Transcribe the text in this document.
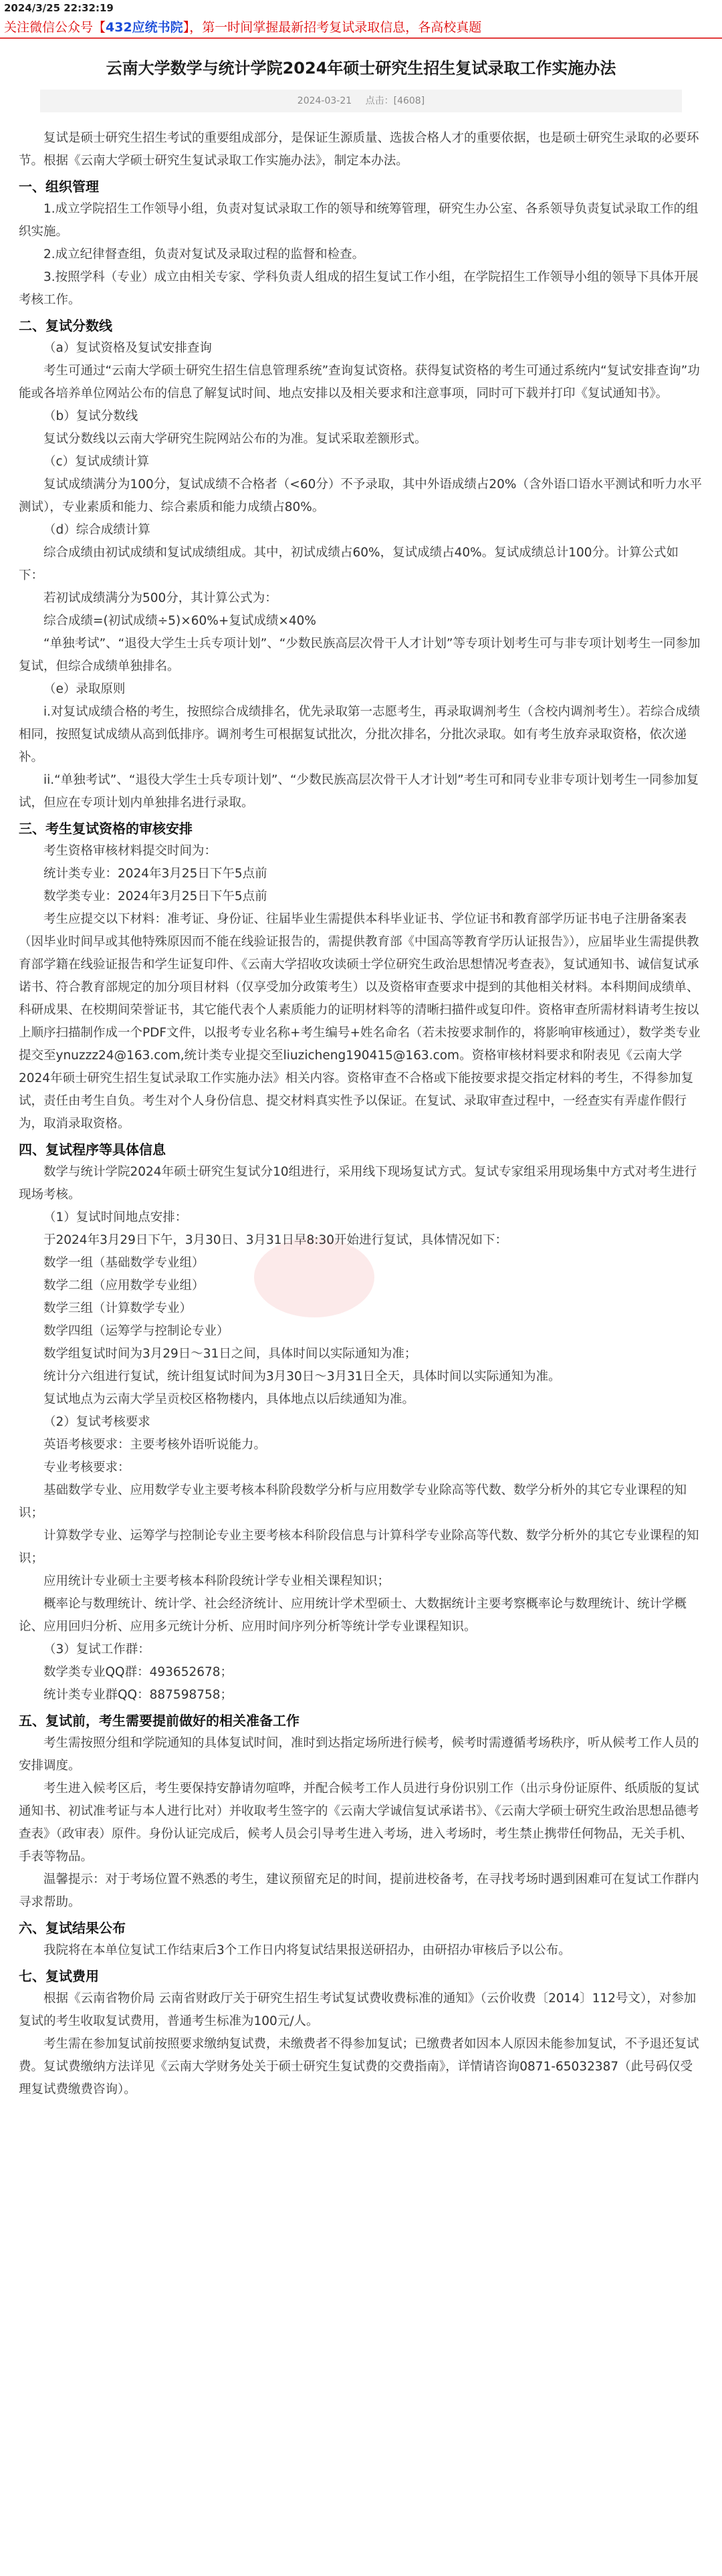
2024/3/25 22:32:19
关注微信公众号【432应统书院】，第一时间掌握最新招考复试录取信息，各高校真题
云南大学数学与统计学院2024年硕士研究生招生复试录取工作实施办法
2024-03-21 点击：[4608]

复试是硕士研究生招生考试的重要组成部分，是保证生源质量、选拔合格人才的重要依据，也是硕士研究生录取的必要环节。根据《云南大学硕士研究生复试录取工作实施办法》，制定本办法。

一、组织管理

1.成立学院招生工作领导小组，负责对复试录取工作的领导和统筹管理，研究生办公室、各系领导负责复试录取工作的组织实施。

2.成立纪律督查组，负责对复试及录取过程的监督和检查。

3.按照学科（专业）成立由相关专家、学科负责人组成的招生复试工作小组，在学院招生工作领导小组的领导下具体开展考核工作。

二、复试分数线

（a）复试资格及复试安排查询

考生可通过“云南大学硕士研究生招生信息管理系统”查询复试资格。获得复试资格的考生可通过系统内“复试安排查询”功能或各培养单位网站公布的信息了解复试时间、地点安排以及相关要求和注意事项，同时可下载并打印《复试通知书》。

（b）复试分数线

复试分数线以云南大学研究生院网站公布的为准。复试采取差额形式。

（c）复试成绩计算

复试成绩满分为100分，复试成绩不合格者（<60分）不予录取，其中外语成绩占20%（含外语口语水平测试和听力水平测试），专业素质和能力、综合素质和能力成绩占80%。

（d）综合成绩计算

综合成绩由初试成绩和复试成绩组成。其中，初试成绩占60%，复试成绩占40%。复试成绩总计100分。计算公式如下：

若初试成绩满分为500分，其计算公式为：

综合成绩=(初试成绩÷5)×60%+复试成绩×40%

“单独考试”、“退役大学生士兵专项计划”、“少数民族高层次骨干人才计划”等专项计划考生可与非专项计划考生一同参加复试，但综合成绩单独排名。

（e）录取原则

i.对复试成绩合格的考生，按照综合成绩排名，优先录取第一志愿考生，再录取调剂考生（含校内调剂考生）。若综合成绩相同，按照复试成绩从高到低排序。调剂考生可根据复试批次，分批次排名，分批次录取。如有考生放弃录取资格，依次递补。

ii.“单独考试”、“退役大学生士兵专项计划”、“少数民族高层次骨干人才计划”考生可和同专业非专项计划考生一同参加复试，但应在专项计划内单独排名进行录取。

三、考生复试资格的审核安排

考生资格审核材料提交时间为：

统计类专业：2024年3月25日下午5点前

数学类专业：2024年3月25日下午5点前

考生应提交以下材料：准考证、身份证、往届毕业生需提供本科毕业证书、学位证书和教育部学历证书电子注册备案表（因毕业时间早或其他特殊原因而不能在线验证报告的，需提供教育部《中国高等教育学历认证报告》），应届毕业生需提供教育部学籍在线验证报告和学生证复印件、《云南大学招收攻读硕士学位研究生政治思想情况考查表》，复试通知书、诚信复试承诺书、符合教育部规定的加分项目材料（仅享受加分政策考生）以及资格审查要求中提到的其他相关材料。本科期间成绩单、科研成果、在校期间荣誉证书，其它能代表个人素质能力的证明材料等的清晰扫描件或复印件。资格审查所需材料请考生按以上顺序扫描制作成一个PDF文件，以报考专业名称+考生编号+姓名命名（若未按要求制作的，将影响审核通过），数学类专业提交至ynuzzz24@163.com,统计类专业提交至liuzicheng190415@163.com。资格审核材料要求和附表见《云南大学2024年硕士研究生招生复试录取工作实施办法》相关内容。资格审查不合格或下能按要求提交指定材料的考生，不得参加复试，责任由考生自负。考生对个人身份信息、提交材料真实性予以保证。在复试、录取审查过程中，一经查实有弄虚作假行为，取消录取资格。

四、复试程序等具体信息

数学与统计学院2024年硕士研究生复试分10组进行，采用线下现场复试方式。复试专家组采用现场集中方式对考生进行现场考核。

（1）复试时间地点安排：

于2024年3月29日下午，3月30日、3月31日早8:30开始进行复试，具体情况如下：

数学一组（基础数学专业组）

数学二组（应用数学专业组）

数学三组（计算数学专业）

数学四组（运筹学与控制论专业）

数学组复试时间为3月29日～31日之间，具体时间以实际通知为准；

统计分六组进行复试，统计组复试时间为3月30日～3月31日全天，具体时间以实际通知为准。

复试地点为云南大学呈贡校区格物楼内，具体地点以后续通知为准。

（2）复试考核要求

英语考核要求：主要考核外语听说能力。

专业考核要求：

基础数学专业、应用数学专业主要考核本科阶段数学分析与应用数学专业除高等代数、数学分析外的其它专业课程的知识；

计算数学专业、运筹学与控制论专业主要考核本科阶段信息与计算科学专业除高等代数、数学分析外的其它专业课程的知识；

应用统计专业硕士主要考核本科阶段统计学专业相关课程知识；

概率论与数理统计、统计学、社会经济统计、应用统计学术型硕士、大数据统计主要考察概率论与数理统计、统计学概论、应用回归分析、应用多元统计分析、应用时间序列分析等统计学专业课程知识。

（3）复试工作群：

数学类专业QQ群：493652678；

统计类专业群QQ：887598758；

五、复试前，考生需要提前做好的相关准备工作

考生需按照分组和学院通知的具体复试时间，准时到达指定场所进行候考，候考时需遵循考场秩序，听从候考工作人员的安排调度。

考生进入候考区后，考生要保持安静请勿喧哗，并配合候考工作人员进行身份识别工作（出示身份证原件、纸质版的复试通知书、初试准考证与本人进行比对）并收取考生签字的《云南大学诚信复试承诺书》、《云南大学硕士研究生政治思想品德考查表》（政审表）原件。身份认证完成后，候考人员会引导考生进入考场，进入考场时，考生禁止携带任何物品，无关手机、手表等物品。

温馨提示：对于考场位置不熟悉的考生，建议预留充足的时间，提前进校备考，在寻找考场时遇到困难可在复试工作群内寻求帮助。

六、复试结果公布

我院将在本单位复试工作结束后3个工作日内将复试结果报送研招办，由研招办审核后予以公布。

七、复试费用

根据《云南省物价局 云南省财政厅关于研究生招生考试复试费收费标准的通知》（云价收费〔2014〕112号文），对参加复试的考生收取复试费用，普通考生标准为100元/人。

考生需在参加复试前按照要求缴纳复试费，未缴费者不得参加复试；已缴费者如因本人原因未能参加复试，不予退还复试费。复试费缴纳方法详见《云南大学财务处关于硕士研究生复试费的交费指南》，详情请咨询0871-65032387（此号码仅受理复试费缴费咨询）。
